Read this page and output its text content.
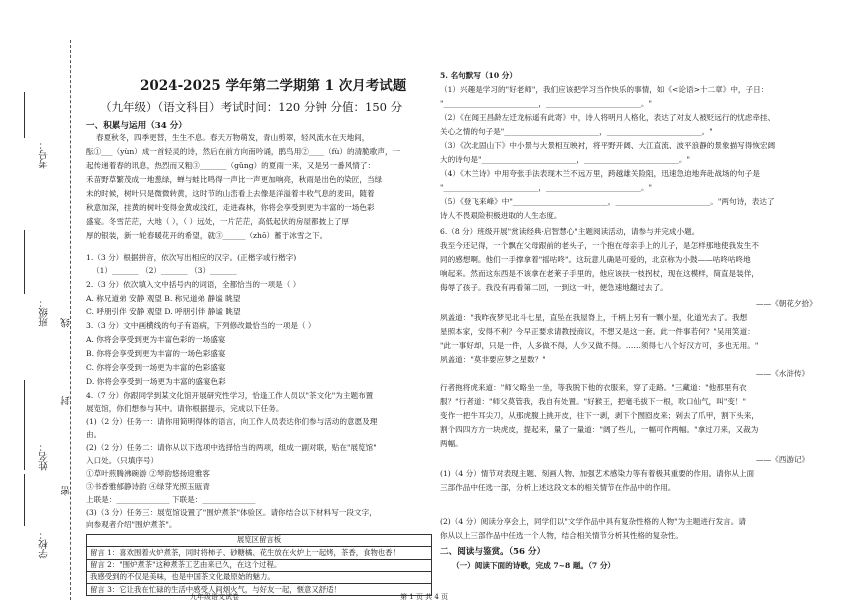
考号：
班级： 线
封
姓名：
密
学校：
2024-2025 学年第二学期第 1 次月考试题
（九年级）（语文科目）考试时间：120 分钟 分值：150 分
一、积累与运用（34 分）
春夏秋冬，四季更替，生生不息。春天万物萌发，青山剪翠，轻风流水在天地间，
酝①___（yùn）成一首轻灵的诗，然后在前方向南吟诵，鹃鸟用②____（fù）的清脆歌声，一
起传递着春的讯息，热烈而又粗③_______（gǔng）的夏雨一来，又是另一番风情了：
禾苗野草繁茂成一地葱绿，蝉与蛙比鸣得一声比一声更加响亮，秋雨是出色的染匠，当绿
未的时候，树叶只是微微转黄，这时节的山峦看上去像是洋溢着丰收气息的麦田，随着
秋意加深，挂黄的树叶变得金黄或浅红，走进森林，你将会享受到更为丰富的一场色彩
盛宴。冬雪茫茫，大地（ ），（ ）远处，一片茫茫，高低起伏的房屋都披上了厚
厚的银装，新一轮春暖花开的希望，就③______（zhō）蓄于冰雪之下。
1.（3 分）根据拼音，依次写出相应的汉字。(正楷字或行楷字)
（1）_______ （2）_______ （3）_______
2.（3 分）依次填入文中括号内的词语，全都恰当的一项是（ ）
A. 称兄道弟 安静 观望 B. 称兄道弟 静谧 眺望
C. 呼朋引伴 安静 观望 D. 呼朋引伴 静谧 眺望
3.（3 分）文中画横线的句子有语病，下列修改最恰当的一项是（ ）
A. 你将会享受到更为丰富色彩的一场盛宴
B. 你将会享受到更为丰富的一场色彩盛宴
C. 你将会享受到一场更为丰富的色彩盛宴
D. 你将会享受到一场更为丰富的盛宴色彩
4.（7 分）你跟同学到某文化馆开展研究性学习，恰逢工作人员以"茶文化"为主题布置
展览馆，你们想参与其中。请你根据提示，完成以下任务。
(1)（2 分）任务一：请你用简明得体的语言，向工作人员表达你们参与活动的意愿及理
由。
(2)（2 分）任务二：请你从以下选项中选择恰当的两项，组成一副对联，贴在"展览馆"
入口处。（只填序号）
①草叶煎腾沸碗游 ②琴韵悠扬迎雅客
③书香雅郁静诗韵 ④绿芽光照玉瓯青
上联是：______________ 下联是：______________
(3)（3 分）任务三：展览馆设置了"围炉煮茶"体验区。请你结合以下材料写一段文字，
向参观者介绍"围炉煮茶"。
展览区留言板
留言 1：喜欢围着火炉煮茶，同时将柿子、砂糖橘、花生放在火炉上一起烤，茶香，食物也香！
留言 2："围炉煮茶"这种煮茶工艺由来已久，在这个过程。
我感受到的不仅是美味，也是中国茶文化最原始的魅力。
留言 3：它让我在忙碌的生活中感受人间烟火气，与好友一起，惬意又舒适！
九年级语文试卷
5. 名句默写（10 分）
（1）兴趣是学习的"好老师"，我们应该把学习当作快乐的事情，如《<论语>十二章》中，子日：
"_________________________，_________________________。"
（2）《在闻王昌龄左迁龙标遥有此寄》中，诗人将明月人格化，表达了对友人被贬远行的忧虑牵挂、
关心之情的句子是"_________________________，_________________________。"
（3）《次北固山下》中小景与大景相互映衬，将平野开阔、大江直流、波平浪静的景象描写得恢宏阔
大的诗句是"_________________________，_________________________。"
（4）《木兰诗》中用夸张手法表现木兰不远万里，跨越雄关险阻，迅速急迫地奔赴战场的句子是
"_________________________，_________________________。"
（5）《登飞来峰》中"_________________________，_________________________。"两句诗，表达了
诗人不畏艰险积极进取的人生态度。
6.（8 分）班级开展"赏读经典·启智慧心"主题阅读活动，请参与并完成小题。
我至今还记得，一个飘在父母跟前的老头子，一个抱在母亲手上的儿子，是怎样那地使我发生不
同的感想啊。他们一手撑拿着"摇咕咚"。这玩意儿确是可爱的，北京称为小鼓——咕咚咕咚地
响起来。然而这东西是不该拿在老莱子手里的，他应该扶一枝拐杖，现在这模样，简直是装佯，
侮辱了孩子。我没有再看第二回，一到这一叶，便急速地翻过去了。
——《朝花夕拾》
夙盖道："我昨夜梦见北斗七星，直坠在我屋脊上，千柄上另有一颗小星，化道光去了。我想
星照本家，安得不利？今早正要求请教授商议，不想又是这一套。此一件事若何？"吴用笑道：
"此一事好却，只是一件，人多做不得，人少又做不得。……须得七八个好汉方可，多也无用。"
夙盖道："莫非要应梦之星数？"
——《水浒传》
行者拖将虎来道："师父略坐一坐，等我脱下他的衣服来，穿了走路。"三藏道："他那里有衣
服？"行者道："师父莫管我，我自有处置。"好猴王，把毫毛拔下一根，吹口仙气，叫"变！"
变作一把牛耳尖刀，从那虎腹上挑开皮，往下一剥，剥下个囫囵皮来；剁去了爪甲，割下头来，
割个四四方方一块虎皮，提起来，量了一量道："阔了些儿，一幅可作两幅。"拿过刀来，又裁为
两幅。
——《西游记》
(1)（4 分）情节对表现主题、刻画人物、加强艺术感染力等有着极其重要的作用。请你从上面
三部作品中任选一部，分析上述这段文本的相关情节在作品中的作用。
(2)（4 分）阅读分享会上，同学们以"文学作品中具有复杂性格的人物"为主题进行发言。请
你从以上三部作品中任选一个人物，结合相关情节分析其性格的复杂性。
二、阅读与鉴赏。（56 分）
（一）阅读下面的诗歌，完成 7~8 题。（7 分）
第 1 页 共 4 页
